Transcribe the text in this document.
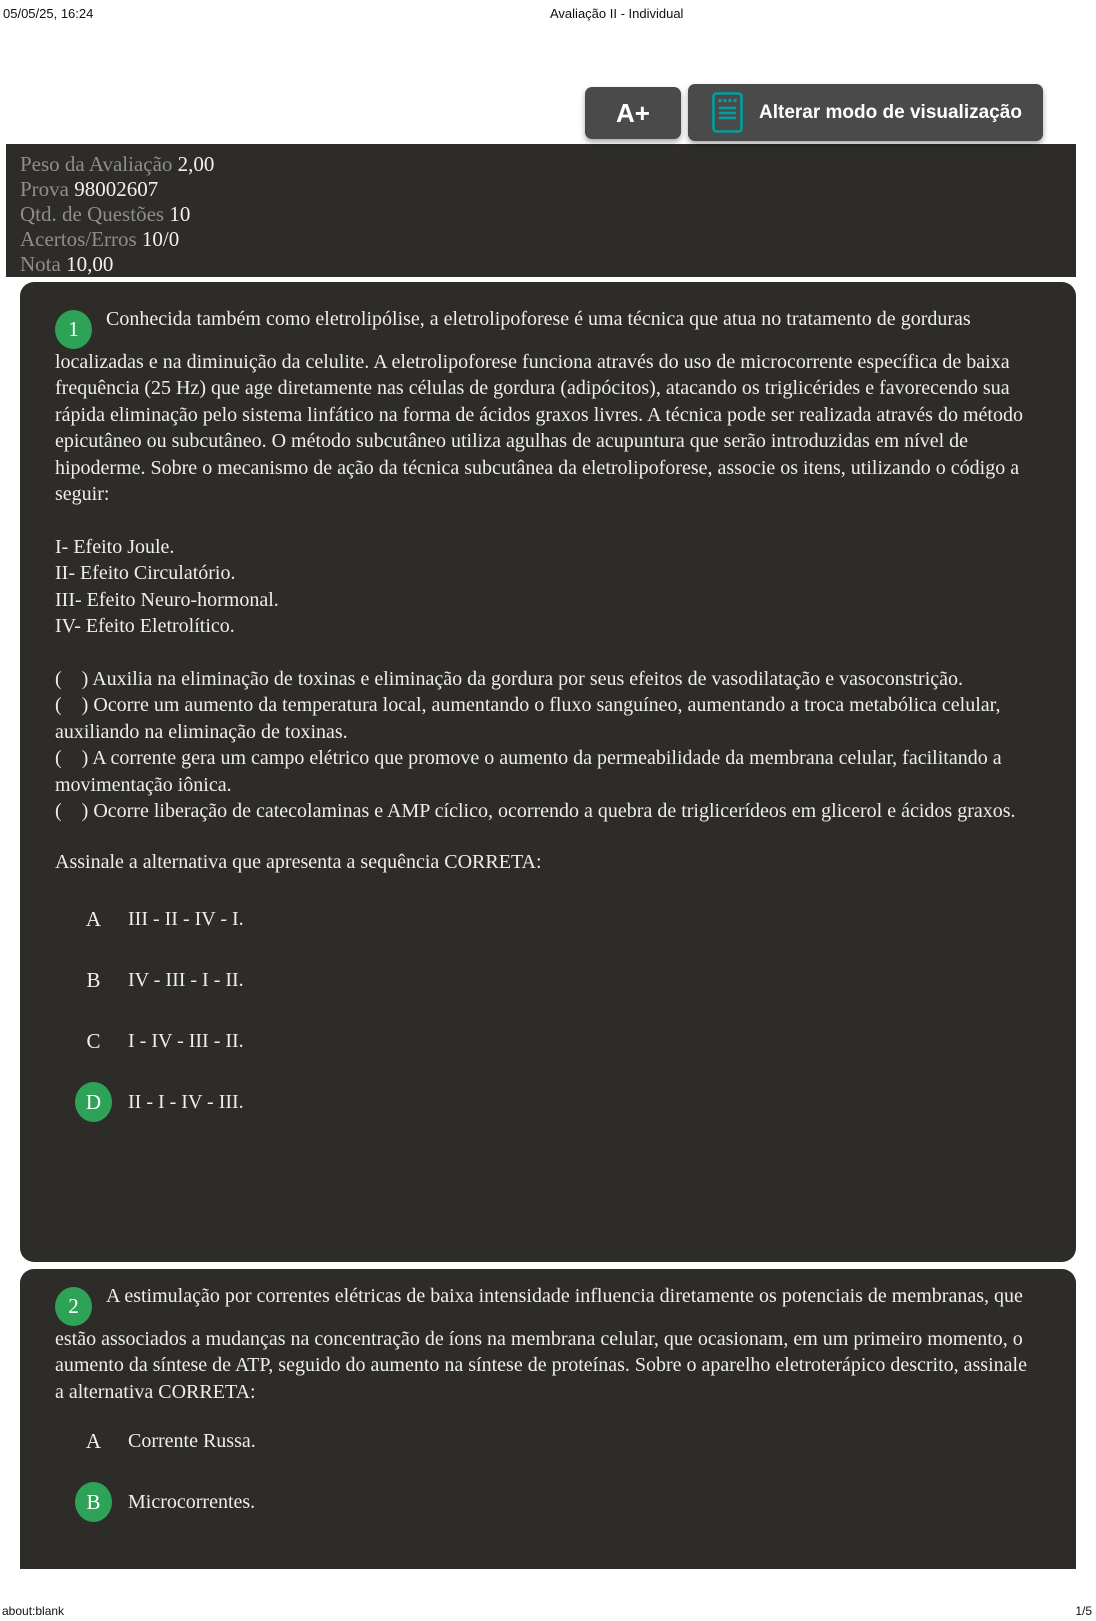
05/05/25, 16:24	Avaliação II - Individual
A+	Alterar modo de visualização
Peso da Avaliação 2,00
Prova 98002607
Qtd. de Questões 10
Acertos/Erros 10/0
Nota 10,00

1 Conhecida também como eletrolipólise, a eletrolipoforese é uma técnica que atua no tratamento de gorduras localizadas e na diminuição da celulite. A eletrolipoforese funciona através do uso de microcorrente específica de baixa frequência (25 Hz) que age diretamente nas células de gordura (adipócitos), atacando os triglicérides e favorecendo sua rápida eliminação pelo sistema linfático na forma de ácidos graxos livres. A técnica pode ser realizada através do método epicutâneo ou subcutâneo. O método subcutâneo utiliza agulhas de acupuntura que serão introduzidas em nível de hipoderme. Sobre o mecanismo de ação da técnica subcutânea da eletrolipoforese, associe os itens, utilizando o código a seguir:

I- Efeito Joule.

II- Efeito Circulatório.

III- Efeito Neuro-hormonal.

IV- Efeito Eletrolítico.

(    ) Auxilia na eliminação de toxinas e eliminação da gordura por seus efeitos de vasodilatação e vasoconstrição.

(    ) Ocorre um aumento da temperatura local, aumentando o fluxo sanguíneo, aumentando a troca metabólica celular, auxiliando na eliminação de toxinas.

(    ) A corrente gera um campo elétrico que promove o aumento da permeabilidade da membrana celular, facilitando a movimentação iônica.

(    ) Ocorre liberação de catecolaminas e AMP cíclico, ocorrendo a quebra de triglicerídeos em glicerol e ácidos graxos.

Assinale a alternativa que apresenta a sequência CORRETA:

A	III - II - IV - I.
B	IV - III - I - II.
C	I - IV - III - II.
D	II - I - IV - III.

2 A estimulação por correntes elétricas de baixa intensidade influencia diretamente os potenciais de membranas, que estão associados a mudanças na concentração de íons na membrana celular, que ocasionam, em um primeiro momento, o aumento da síntese de ATP, seguido do aumento na síntese de proteínas. Sobre o aparelho eletroterápico descrito, assinale a alternativa CORRETA:

A	Corrente Russa.
B	Microcorrentes.
about:blank	1/5
